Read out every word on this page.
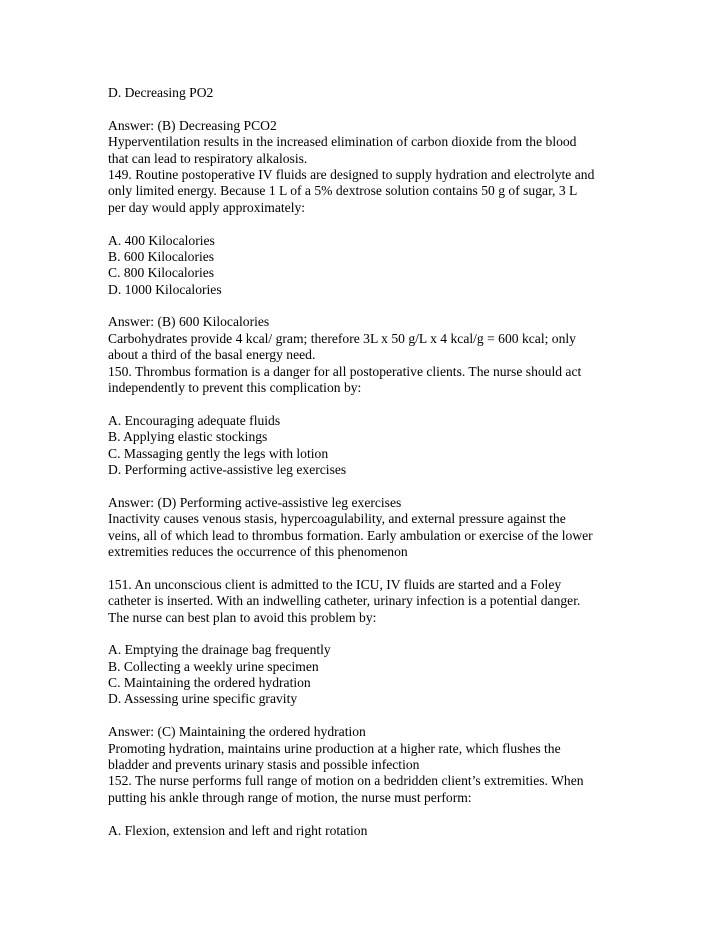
D. Decreasing PO2
Answer: (B) Decreasing PCO2
Hyperventilation results in the increased elimination of carbon dioxide from the blood
that can lead to respiratory alkalosis.
149. Routine postoperative IV fluids are designed to supply hydration and electrolyte and
only limited energy. Because 1 L of a 5% dextrose solution contains 50 g of sugar, 3 L
per day would apply approximately:
A. 400 Kilocalories
B. 600 Kilocalories
C. 800 Kilocalories
D. 1000 Kilocalories
Answer: (B) 600 Kilocalories
Carbohydrates provide 4 kcal/ gram; therefore 3L x 50 g/L x 4 kcal/g = 600 kcal; only
about a third of the basal energy need.
150. Thrombus formation is a danger for all postoperative clients. The nurse should act
independently to prevent this complication by:
A. Encouraging adequate fluids
B. Applying elastic stockings
C. Massaging gently the legs with lotion
D. Performing active-assistive leg exercises
Answer: (D) Performing active-assistive leg exercises
Inactivity causes venous stasis, hypercoagulability, and external pressure against the
veins, all of which lead to thrombus formation. Early ambulation or exercise of the lower
extremities reduces the occurrence of this phenomenon
151. An unconscious client is admitted to the ICU, IV fluids are started and a Foley
catheter is inserted. With an indwelling catheter, urinary infection is a potential danger.
The nurse can best plan to avoid this problem by:
A. Emptying the drainage bag frequently
B. Collecting a weekly urine specimen
C. Maintaining the ordered hydration
D. Assessing urine specific gravity
Answer: (C) Maintaining the ordered hydration
Promoting hydration, maintains urine production at a higher rate, which flushes the
bladder and prevents urinary stasis and possible infection
152. The nurse performs full range of motion on a bedridden client’s extremities. When
putting his ankle through range of motion, the nurse must perform:
A. Flexion, extension and left and right rotation
